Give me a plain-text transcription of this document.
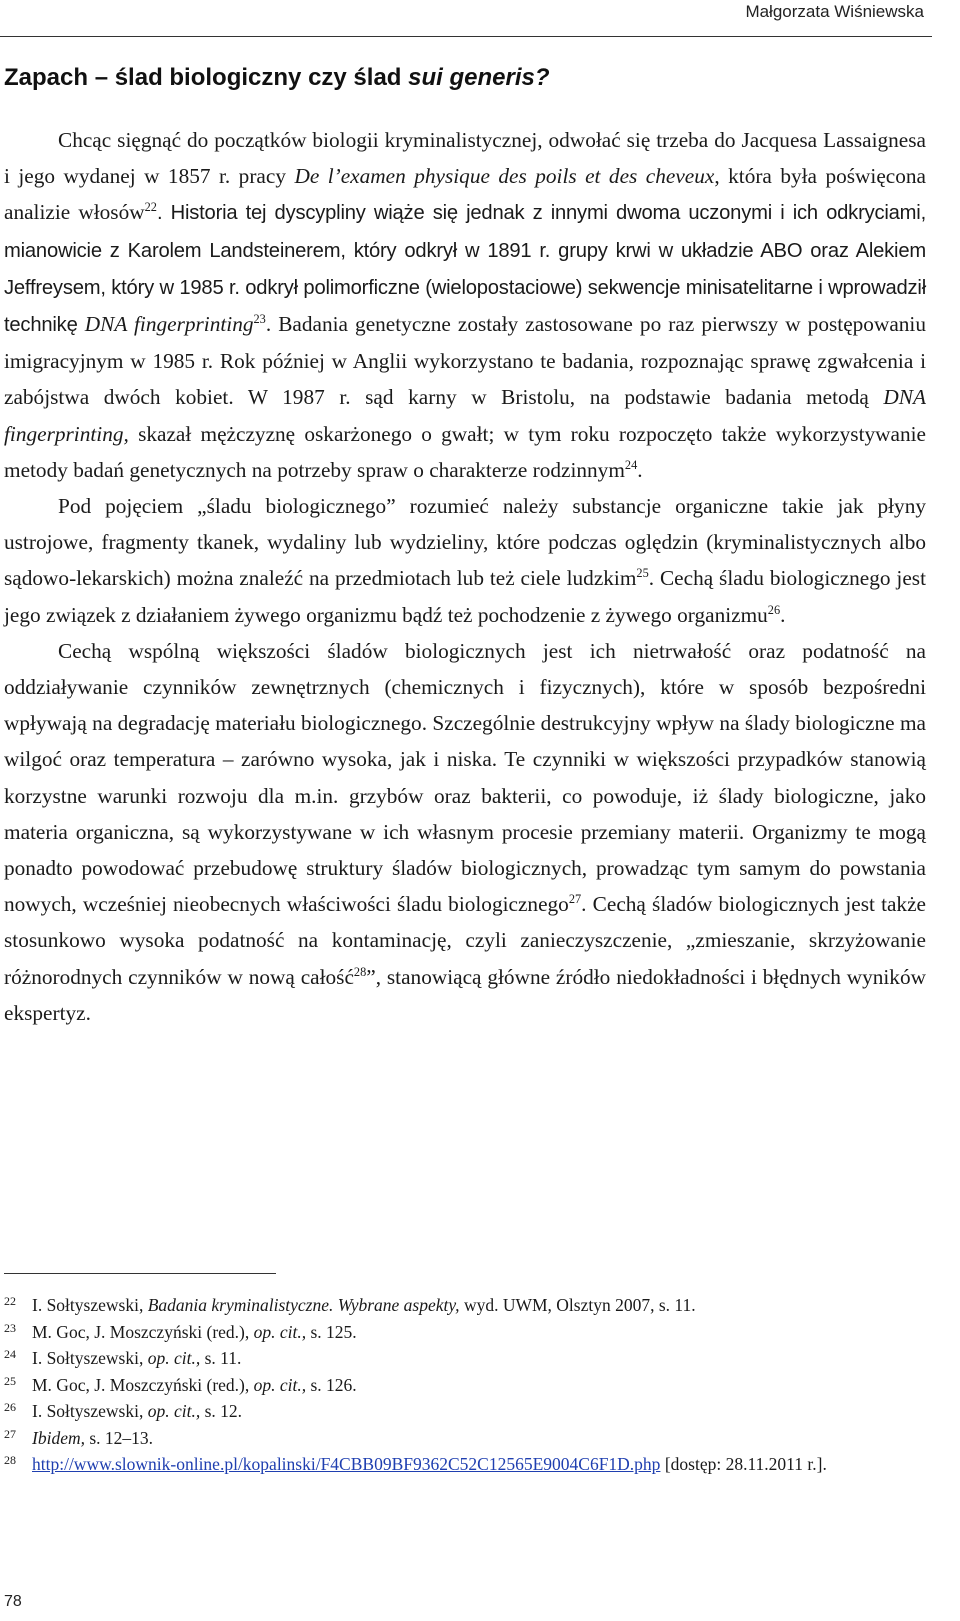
Małgorzata Wiśniewska
Zapach – ślad biologiczny czy ślad sui generis?

Chcąc sięgnąć do początków biologii kryminalistycznej, odwołać się trzeba do Jacquesa Lassaignesa i jego wydanej w 1857 r. pracy De l’examen physique des poils et des cheveux, która była poświęcona analizie włosów$^{22}$. Historia tej dyscypliny wiąże się jednak z innymi dwoma uczonymi i ich odkryciami, mianowicie z Karolem Landsteinerem, który odkrył w 1891 r. grupy krwi w układzie ABO oraz Alekiem Jeffreysem, który w 1985 r. odkrył polimorficzne (wielopostaciowe) sekwencje minisatelitarne i wprowadził technikę DNA fingerprinting$^{23}$. Badania genetyczne zostały zastosowane po raz pierwszy w postępowaniu imigracyjnym w 1985 r. Rok później w Anglii wykorzystano te badania, rozpoznając sprawę zgwałcenia i zabójstwa dwóch kobiet. W 1987 r. sąd karny w Bristolu, na podstawie badania metodą DNA fingerprinting, skazał mężczyznę oskarżonego o gwałt; w tym roku rozpoczęto także wykorzystywanie metody badań genetycznych na potrzeby spraw o charakterze rodzinnym$^{24}$.

Pod pojęciem „śladu biologicznego” rozumieć należy substancje organiczne takie jak płyny ustrojowe, fragmenty tkanek, wydaliny lub wydzieliny, które podczas oględzin (kryminalistycznych albo sądowo-lekarskich) można znaleźć na przedmiotach lub też ciele ludzkim$^{25}$. Cechą śladu biologicznego jest jego związek z działaniem żywego organizmu bądź też pochodzenie z żywego organizmu$^{26}$.

Cechą wspólną większości śladów biologicznych jest ich nietrwałość oraz podatność na oddziaływanie czynników zewnętrznych (chemicznych i fizycznych), które w sposób bezpośredni wpływają na degradację materiału biologicznego. Szczególnie destrukcyjny wpływ na ślady biologiczne ma wilgoć oraz temperatura – zarówno wysoka, jak i niska. Te czynniki w większości przypadków stanowią korzystne warunki rozwoju dla m.in. grzybów oraz bakterii, co powoduje, iż ślady biologiczne, jako materia organiczna, są wykorzystywane w ich własnym procesie przemiany materii. Organizmy te mogą ponadto powodować przebudowę struktury śladów biologicznych, prowadząc tym samym do powstania nowych, wcześniej nieobecnych właściwości śladu biologicznego$^{27}$. Cechą śladów biologicznych jest także stosunkowo wysoka podatność na kontaminację, czyli zanieczyszczenie, „zmieszanie, skrzyżowanie różnorodnych czynników w nową całość$^{28}$”, stanowiącą główne źródło niedokładności i błędnych wyników ekspertyz.

22 I. Sołtyszewski, Badania kryminalistyczne. Wybrane aspekty, wyd. UWM, Olsztyn 2007, s. 11.
23 M. Goc, J. Moszczyński (red.), op. cit., s. 125.
24 I. Sołtyszewski, op. cit., s. 11.
25 M. Goc, J. Moszczyński (red.), op. cit., s. 126.
26 I. Sołtyszewski, op. cit., s. 12.
27 Ibidem, s. 12–13.
28 http://www.slownik-online.pl/kopalinski/F4CBB09BF9362C52C12565E9004C6F1D.php [dostęp: 28.11.2011 r.].
78
